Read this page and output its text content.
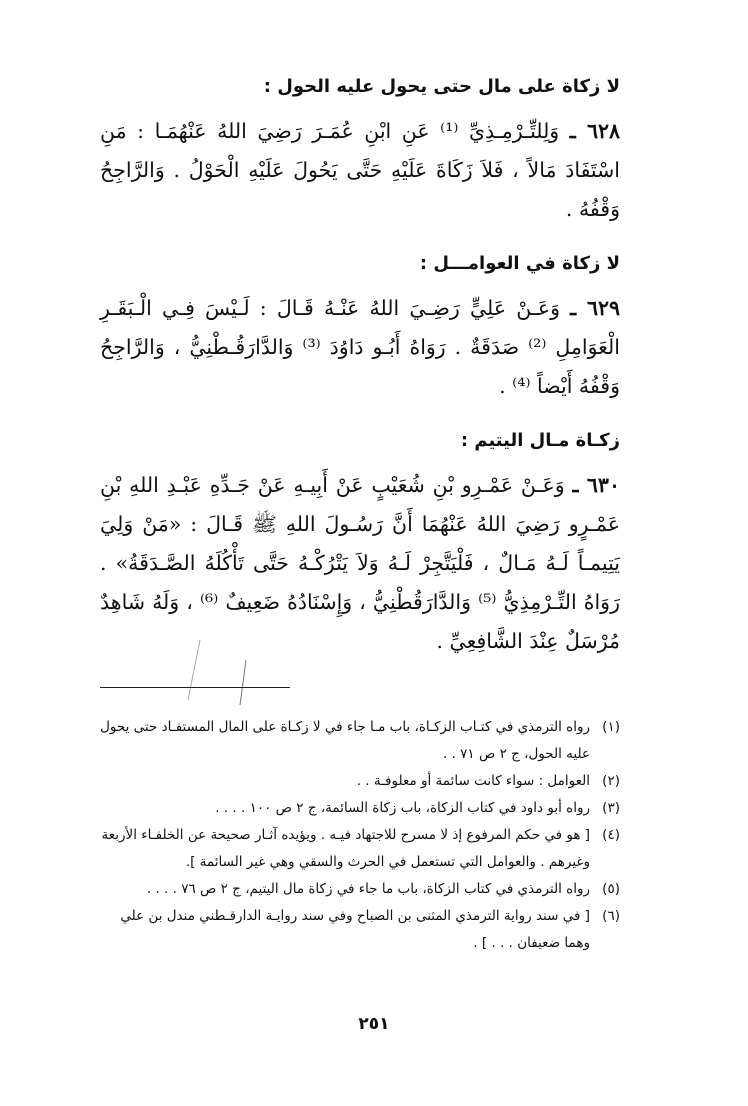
لا زكاة على مال حتى يحول عليه الحول :

٦٢٨ ـ وَلِلتِّـرْمِـذِيِّ ⁽¹⁾ عَنِ ابْنِ عُمَـرَ رَضِيَ اللهُ عَنْهُمَـا : مَنِ اسْتَفَادَ مَالاً ، فَلاَ زَكَاةَ عَلَيْهِ حَتَّى يَحُولَ عَلَيْهِ الْحَوْلُ . وَالرَّاجِحُ وَقْفُهُ .

لا زكاة في العوامـــل :

٦٢٩ ـ وَعَـنْ عَلِيٍّ رَضِـيَ اللهُ عَنْـهُ قَـالَ : لَـيْسَ فِـي الْـبَقَـرِ الْعَوَامِلِ ⁽²⁾ صَدَقَةٌ . رَوَاهُ أَبُـو دَاوُدَ ⁽³⁾ وَالدَّارَقُـطْنِيُّ ، وَالرَّاجِحُ وَقْفُهُ أَيْضاً ⁽⁴⁾ .

زكـاة مـال اليتيم :

٦٣٠ ـ وَعَـنْ عَمْـرِو بْنِ شُعَيْبٍ عَنْ أَبِيـهِ عَنْ جَـدِّهِ عَبْـدِ اللهِ بْنِ عَمْـرٍو رَضِيَ اللهُ عَنْهُمَا أَنَّ رَسُـولَ اللهِ ﷺ قَـالَ : «مَنْ وَلِيَ يَتِيمـاً لَـهُ مَـالٌ ، فَلْيَتَّجِرْ لَـهُ وَلاَ يَتْرُكْـهُ حَتَّى تَأْكُلَهُ الصَّـدَقَةُ» . رَوَاهُ التِّـرْمِذِيُّ ⁽⁵⁾ وَالدَّارَقُطْنِيُّ ، وَإِسْنَادُهُ ضَعِيفٌ ⁽⁶⁾ ، وَلَهُ شَاهِدٌ مُرْسَلٌ عِنْدَ الشَّافِعِيِّ .

(١)
رواه الترمذي في كتـاب الزكـاة، باب مـا جاء في لا زكـاة على المال المستفـاد حتى يحول عليه الحول، ج ٢ ص ٧١ . .
(٢)
العوامل : سواء كانت سائمة أو معلوفـة . .
(٣)
رواه أبو داود في كتاب الزكاة، باب زكاة السائمة، ج ٢ ص ١٠٠ . . . .
(٤)
[ هو في حكم المرفوع إذ لا مسرح للاجتهاد فيـه . ويؤيده آثـار صحيحة عن الخلفـاء الأربعة وغيرهم . والعوامل التي تستعمل في الحرث والسقي وهي غير السائمة ].
(٥)
رواه الترمذي في كتاب الزكاة، باب ما جاء في زكاة مال اليتيم، ج ٢ ص ٧٦ . . . .
(٦)
[ في سند رواية الترمذي المثنى بن الصباح وفي سند روايـة الدارقـطني مندل بن علي وهما ضعيفان . . . ] .
٢٥١
